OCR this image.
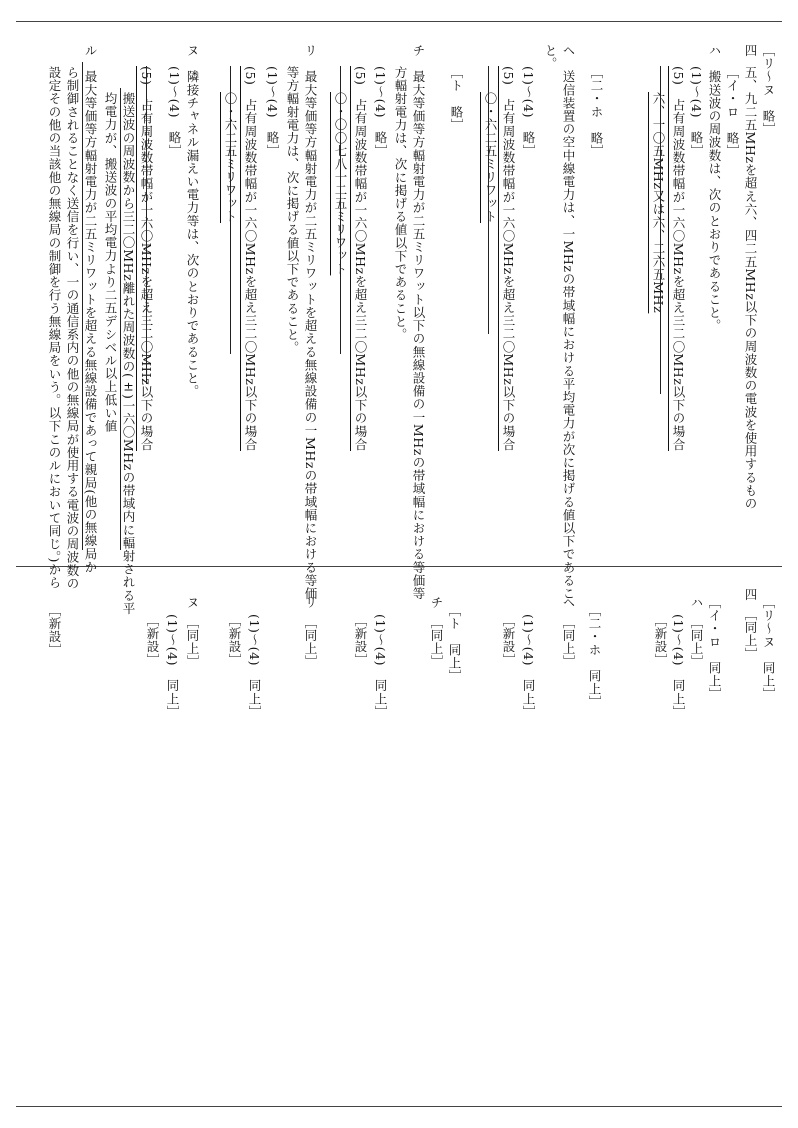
［リ〜ヌ　略］
四
五、九二五MHzを超え六、四二五MHz以下の周波数の電波を使用するもの
［イ・ロ　略］
ハ　搬送波の周波数は、次のとおりであること。
(1)〜(4)　略］
(5)　占有周波数帯幅が一六〇MHzを超え三二〇MHz以下の場合
六、一〇五MHz又は六、二六五MHz
［二・ホ　略］
ヘ　送信装置の空中線電力は、一MHzの帯域幅における平均電力が次に掲げる値以下であるこ
と。
(1)〜(4)　略］
(5)　占有周波数帯幅が一六〇MHzを超え三二〇MHz以下の場合
〇・六二五ミリワット
［ト　略］
チ　最大等価等方輻射電力が二五ミリワット以下の無線設備の一MHzの帯域幅における等価等
方輻射電力は、次に掲げる値以下であること。
(1)〜(4)　略］
(5)　占有周波数帯幅が一六〇MHzを超え三二〇MHz以下の場合
〇・〇〇七八一二五ミリワット
リ　最大等価等方輻射電力が二五ミリワットを超える無線設備の一MHzの帯域幅における等価
等方輻射電力は、次に掲げる値以下であること。
(1)〜(4)　略］
(5)　占有周波数帯幅が一六〇MHzを超え三二〇MHz以下の場合
〇・六二五ミリワット
ヌ　隣接チャネル漏えい電力等は、次のとおりであること。
(1)〜(4)　略］
(5)　占有周波数帯幅が一六〇MHzを超え三二〇MHz以下の場合
搬送波の周波数から三二〇MHz離れた周波数の(±)一六〇MHzの帯域内に輻射される平
均電力が、搬送波の平均電力より二五デシベル以上低い値
ル　最大等価等方輻射電力が二五ミリワットを超える無線設備であって親局(他の無線局か
ら制御されることなく送信を行い、一の通信系内の他の無線局が使用する電波の周波数の
設定その他の当該他の無線局の制御を行う無線局をいう。以下このルにおいて同じ。)から
［リ〜ヌ　同上］
四
［同上］
［イ・ロ　同上］
ハ　［同上］
(1)〜(4)　同上］
［新設］
［二・ホ　同上］
ヘ　［同上］
(1)〜(4)　同上］
［新設］
［ト　同上］
チ　［同上］
(1)〜(4)　同上］
［新設］
リ　［同上］
(1)〜(4)　同上］
［新設］
ヌ　［同上］
(1)〜(4)　同上］
［新設］
［新設］
